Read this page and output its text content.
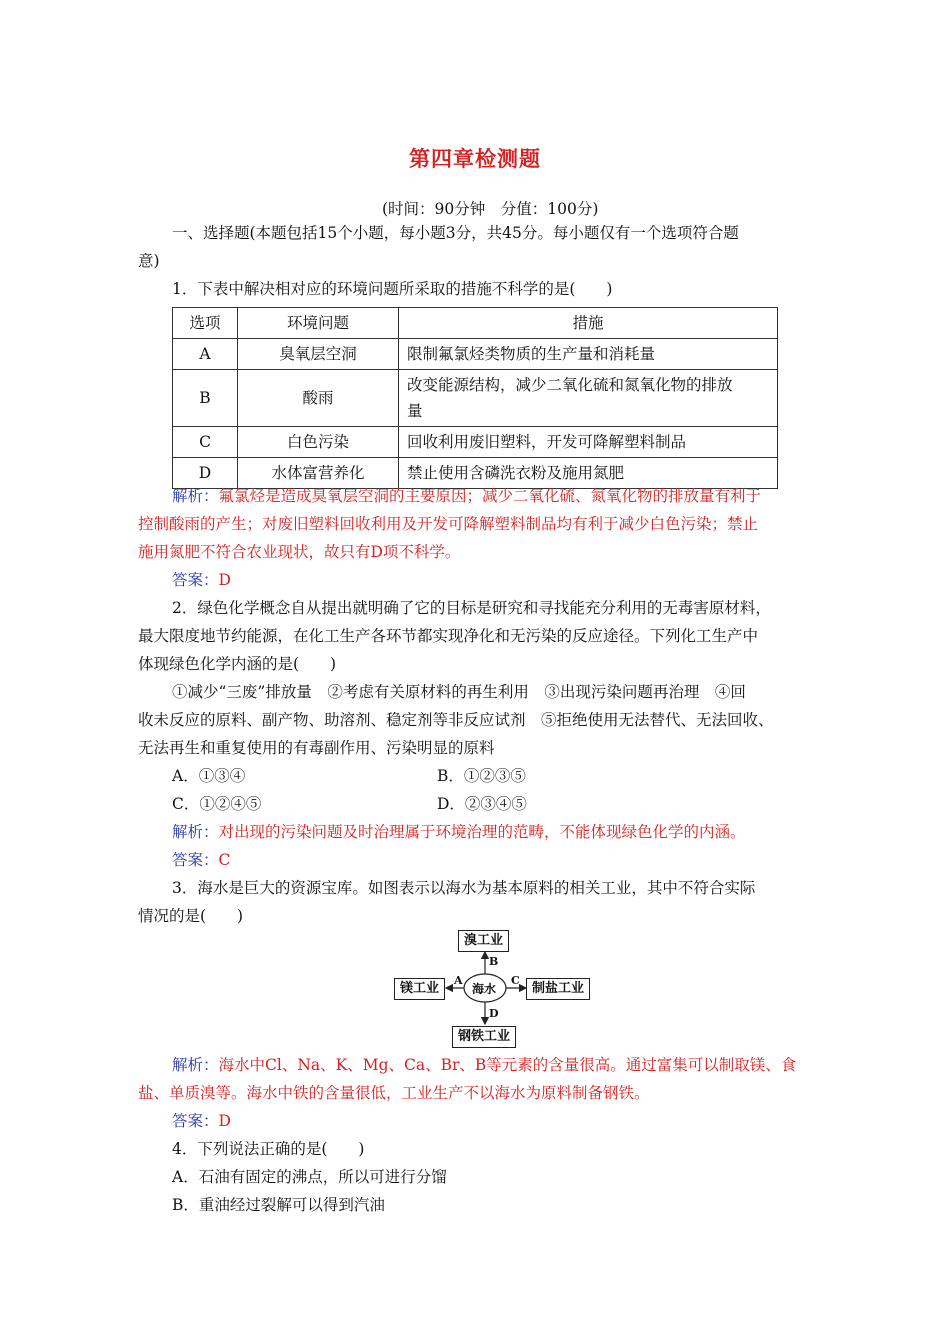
第四章检测题
(时间：90分钟　分值：100分)
一、选择题(本题包括15个小题，每小题3分，共45分。每小题仅有一个选项符合题
意)
1．下表中解决相对应的环境问题所采取的措施不科学的是(　　)
选项	环境问题	措施
A	臭氧层空洞	限制氟氯烃类物质的生产量和消耗量
B	酸雨	改变能源结构，减少二氧化硫和氮氧化物的排放
量
C	白色污染	回收利用废旧塑料，开发可降解塑料制品
D	水体富营养化	禁止使用含磷洗衣粉及施用氮肥
解析：氟氯烃是造成臭氧层空洞的主要原因；减少二氧化硫、氮氧化物的排放量有利于
控制酸雨的产生；对废旧塑料回收利用及开发可降解塑料制品均有利于减少白色污染；禁止
施用氮肥不符合农业现状，故只有D项不科学。
答案：D
2．绿色化学概念自从提出就明确了它的目标是研究和寻找能充分利用的无毒害原材料，
最大限度地节约能源，在化工生产各环节都实现净化和无污染的反应途径。下列化工生产中
体现绿色化学内涵的是(　　)
①减少“三废”排放量　②考虑有关原材料的再生利用　③出现污染问题再治理　④回
收未反应的原料、副产物、助溶剂、稳定剂等非反应试剂　⑤拒绝使用无法替代、无法回收、
无法再生和重复使用的有毒副作用、污染明显的原料
A．①③④	B．①②③⑤
C．①②④⑤	D．②③④⑤
解析：对出现的污染问题及时治理属于环境治理的范畴，不能体现绿色化学的内涵。
答案：C
3．海水是巨大的资源宝库。如图表示以海水为基本原料的相关工业，其中不符合实际
情况的是(　　)
溴工业
镁工业	制盐工业
钢铁工业
海水
B
A	C
D
解析：海水中Cl、Na、K、Mg、Ca、Br、B等元素的含量很高。通过富集可以制取镁、食
盐、单质溴等。海水中铁的含量很低，工业生产不以海水为原料制备钢铁。
答案：D
4．下列说法正确的是(　　)
A．石油有固定的沸点，所以可进行分馏
B．重油经过裂解可以得到汽油
